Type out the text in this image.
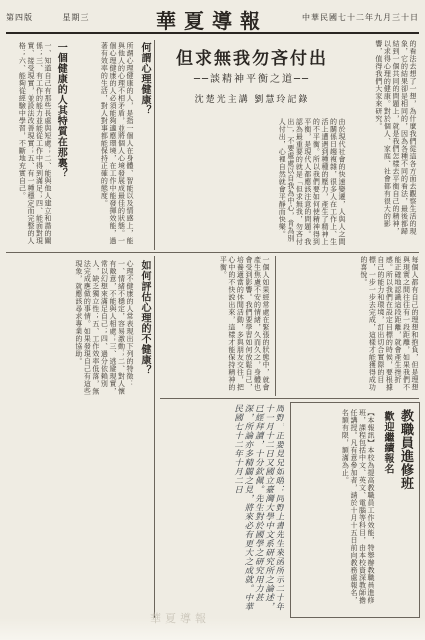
第四版	星期三	華夏導報	中華民國七十二年九月三十日
的看法去想了一想，為什麼我們從這各方面去觀察生活的現象，它的結果卻是相同的，因為各種不同的看法，最後都歸結到一個共同的問題上，就是我們怎樣去平衡自己的精神，以求得心理的健康。對於個人、家庭、社會都有很大的影響，值得我們大家來研究。
但求無我勿吝付出
──談精神平衡之道──
沈楚光主講 劉慧玲記錄
由於現代社會的快速變遷，人與人之間的關係日趨複雜，很多人在工作上、生活上遭遇到種種的壓力，產生了精神上的不平衡。所以我們要如何使精神得到平衡，是現代人都應該注意的問題。我認為最重要的就是「但求無我，勿吝付出」，不要處處以自我為中心，肯為別人付出，心裡自然就會平靜而快樂。
何謂心理健康？
所謂心理健康的人，是指一個人在身體、智能以及情感上，能與他人的心理不相矛盾，並將個人心境發展成最佳的狀態。一個心理健康的人必須能夠適應環境，在工作中能發揮效能，過著有效率的生活，對人對事都能保持正確的態度。
一個健康的人其特質在那裏？
一、知道自己有那些長處與短處；二、能與他人建立和諧的關係；三、有工作的能力並能從工作中得到滿足；四、能面對現實、接受現實，並設法改善現實；五、有一種穩定而完整的人格；六、能夠從經驗中學習，不斷地充實自己。
一個人如果經常處在緊張的狀態中，就會產生焦慮不安的情緒，久而久之，身體也會受到影響。我們要學習如何放鬆自己，培養適當的休閒活動，多與朋友交往，把心中的不快說出來，這樣才能保持精神的平衡。	每個人都有自己的理想和抱負，但是理想與現實之間往往有一段距離，如果我們不能正確地認識這段距離，就會產生挫折感。所以我們在設定目標的時候，要根據自己的能力和環境，訂出切合實際的目標，一步一步去完成，這樣才能獲得成功的喜悅。
如何評估心理的不健康？
心理不健康的人常表現出下列的特徵：一、情緒不穩定，容易激動；二、對人懷有敵意，不能與人相處；三、逃避現實，常以幻想來滿足自己；四、過分依賴別人，缺乏獨立性；五、工作效率低落，無法完成應做的事情。如果發現自己有這些現象，就應該尋求專業的協助。
周野，正要見兄如晤：同野上書先生來函所示二十年十一月十二日又國立臺灣大學中文系研究所之論述，已經拜讀，十分欽佩。先生對於國學之研究用力甚深，所論亦多精闢之見，將來必有更大之成就。中華民國七十二年十月二日	教職員進修班
歡迎繼續報名
【本報訊】本校為提高教職員工作效能，特舉辦教職員進修班，課程包括中文、英文、電腦等科目，由本校資深教師擔任講授。凡有意參加者，請於十月十五日前向教務處報名，名額有限，額滿為止。
華夏導報
